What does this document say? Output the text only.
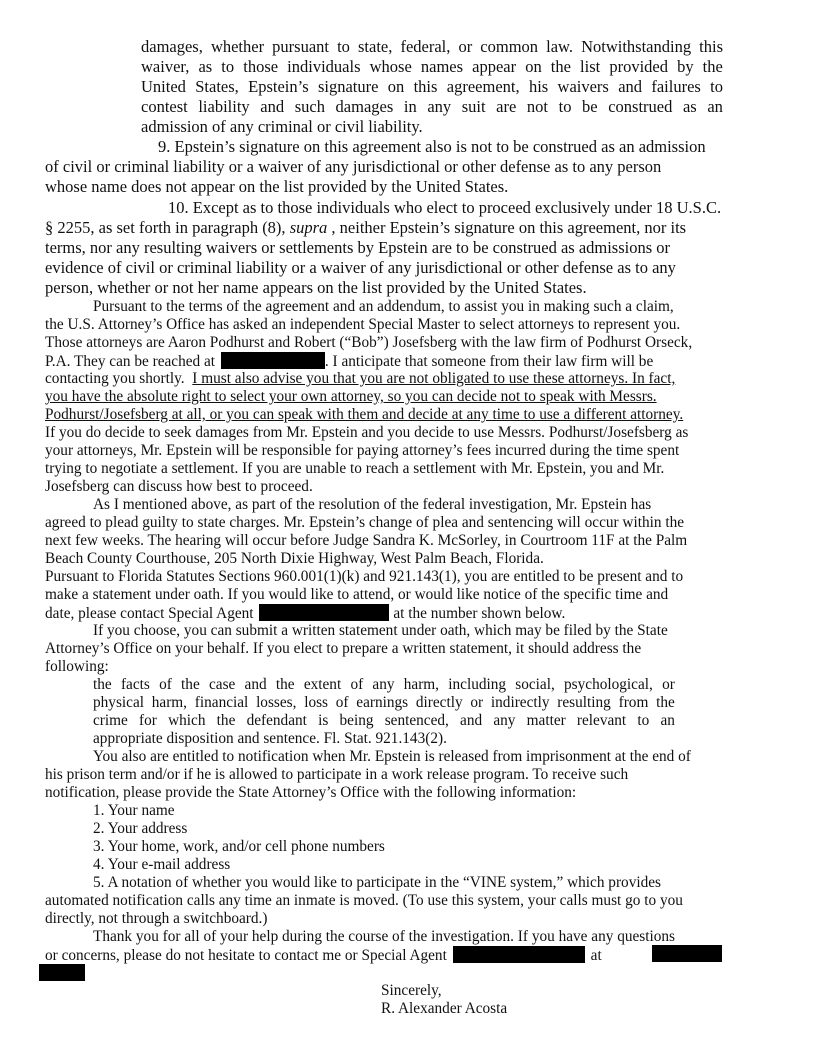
damages, whether pursuant to state, federal, or common law. Notwithstanding this
waiver, as to those individuals whose names appear on the list provided by the
United States, Epstein’s signature on this agreement, his waivers and failures to
contest liability and such damages in any suit are not to be construed as an
admission of any criminal or civil liability.
9. Epstein’s signature on this agreement also is not to be construed as an admission
of civil or criminal liability or a waiver of any jurisdictional or other defense as to any person
whose name does not appear on the list provided by the United States.
10. Except as to those individuals who elect to proceed exclusively under 18 U.S.C.
§ 2255, as set forth in paragraph (8), supra , neither Epstein’s signature on this agreement, nor its
terms, nor any resulting waivers or settlements by Epstein are to be construed as admissions or
evidence of civil or criminal liability or a waiver of any jurisdictional or other defense as to any
person, whether or not her name appears on the list provided by the United States.
Pursuant to the terms of the agreement and an addendum, to assist you in making such a claim,
the U.S. Attorney’s Office has asked an independent Special Master to select attorneys to represent you.
Those attorneys are Aaron Podhurst and Robert (“Bob”) Josefsberg with the law firm of Podhurst Orseck,
P.A. They can be reached at	. I anticipate that someone from their law firm will be
contacting you shortly. I must also advise you that you are not obligated to use these attorneys. In fact,
you have the absolute right to select your own attorney, so you can decide not to speak with Messrs.
Podhurst/Josefsberg at all, or you can speak with them and decide at any time to use a different attorney.
If you do decide to seek damages from Mr. Epstein and you decide to use Messrs. Podhurst/Josefsberg as
your attorneys, Mr. Epstein will be responsible for paying attorney’s fees incurred during the time spent
trying to negotiate a settlement. If you are unable to reach a settlement with Mr. Epstein, you and Mr.
Josefsberg can discuss how best to proceed.
As I mentioned above, as part of the resolution of the federal investigation, Mr. Epstein has
agreed to plead guilty to state charges. Mr. Epstein’s change of plea and sentencing will occur within the
next few weeks. The hearing will occur before Judge Sandra K. McSorley, in Courtroom 11F at the Palm
Beach County Courthouse, 205 North Dixie Highway, West Palm Beach, Florida.
Pursuant to Florida Statutes Sections 960.001(1)(k) and 921.143(1), you are entitled to be present and to
make a statement under oath. If you would like to attend, or would like notice of the specific time and
date, please contact Special Agent	at the number shown below.
If you choose, you can submit a written statement under oath, which may be filed by the State
Attorney’s Office on your behalf. If you elect to prepare a written statement, it should address the
following:
the facts of the case and the extent of any harm, including social, psychological, or
physical harm, financial losses, loss of earnings directly or indirectly resulting from the
crime for which the defendant is being sentenced, and any matter relevant to an
appropriate disposition and sentence. Fl. Stat. 921.143(2).
You also are entitled to notification when Mr. Epstein is released from imprisonment at the end of
his prison term and/or if he is allowed to participate in a work release program. To receive such
notification, please provide the State Attorney’s Office with the following information:
1. Your name
2. Your address
3. Your home, work, and/or cell phone numbers
4. Your e-mail address
5. A notation of whether you would like to participate in the “VINE system,” which provides
automated notification calls any time an inmate is moved. (To use this system, your calls must go to you
directly, not through a switchboard.)
Thank you for all of your help during the course of the investigation. If you have any questions
or concerns, please do not hesitate to contact me or Special Agent	at
Sincerely,
R. Alexander Acosta
